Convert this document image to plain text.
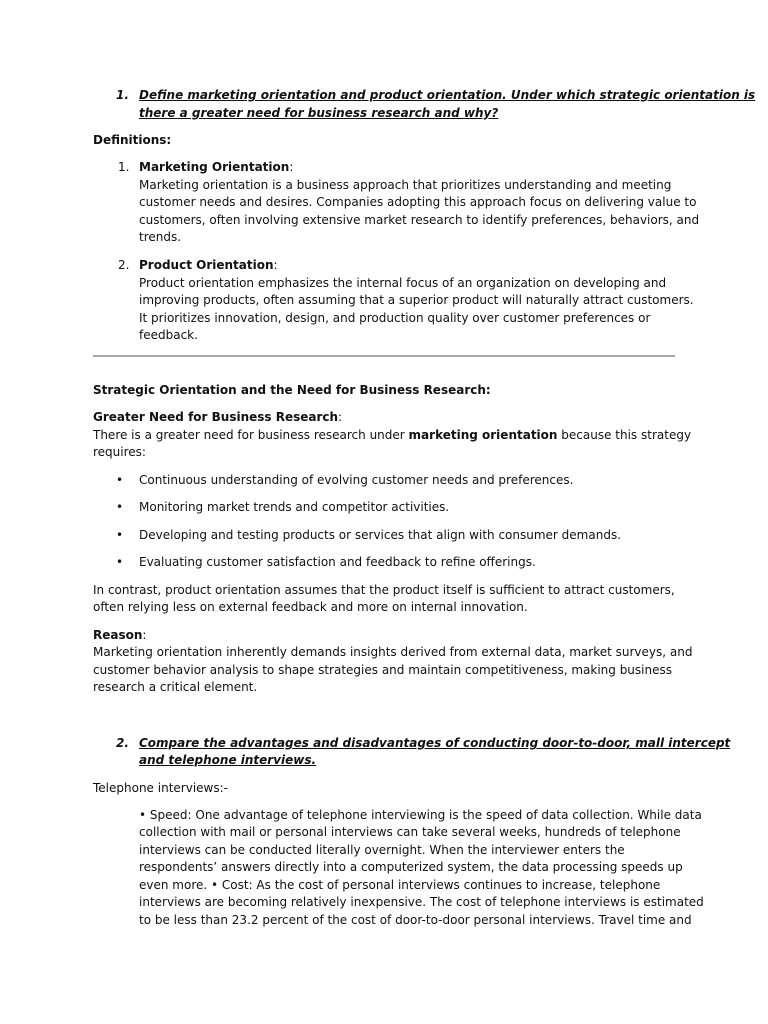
1. Define marketing orientation and product orientation. Under which strategic orientation is
there a greater need for business research and why?
Definitions:
1. Marketing Orientation:
Marketing orientation is a business approach that prioritizes understanding and meeting
customer needs and desires. Companies adopting this approach focus on delivering value to
customers, often involving extensive market research to identify preferences, behaviors, and
trends.
2. Product Orientation:
Product orientation emphasizes the internal focus of an organization on developing and
improving products, often assuming that a superior product will naturally attract customers.
It prioritizes innovation, design, and production quality over customer preferences or
feedback.
Strategic Orientation and the Need for Business Research:
Greater Need for Business Research:
There is a greater need for business research under marketing orientation because this strategy
requires:
• Continuous understanding of evolving customer needs and preferences.
• Monitoring market trends and competitor activities.
• Developing and testing products or services that align with consumer demands.
• Evaluating customer satisfaction and feedback to refine offerings.
In contrast, product orientation assumes that the product itself is sufficient to attract customers,
often relying less on external feedback and more on internal innovation.
Reason:
Marketing orientation inherently demands insights derived from external data, market surveys, and
customer behavior analysis to shape strategies and maintain competitiveness, making business
research a critical element.
2. Compare the advantages and disadvantages of conducting door-to-door, mall intercept
and telephone interviews.
Telephone interviews:-
• Speed: One advantage of telephone interviewing is the speed of data collection. While data
collection with mail or personal interviews can take several weeks, hundreds of telephone
interviews can be conducted literally overnight. When the interviewer enters the
respondents’ answers directly into a computerized system, the data processing speeds up
even more. • Cost: As the cost of personal interviews continues to increase, telephone
interviews are becoming relatively inexpensive. The cost of telephone interviews is estimated
to be less than 23.2 percent of the cost of door-to-door personal interviews. Travel time and
